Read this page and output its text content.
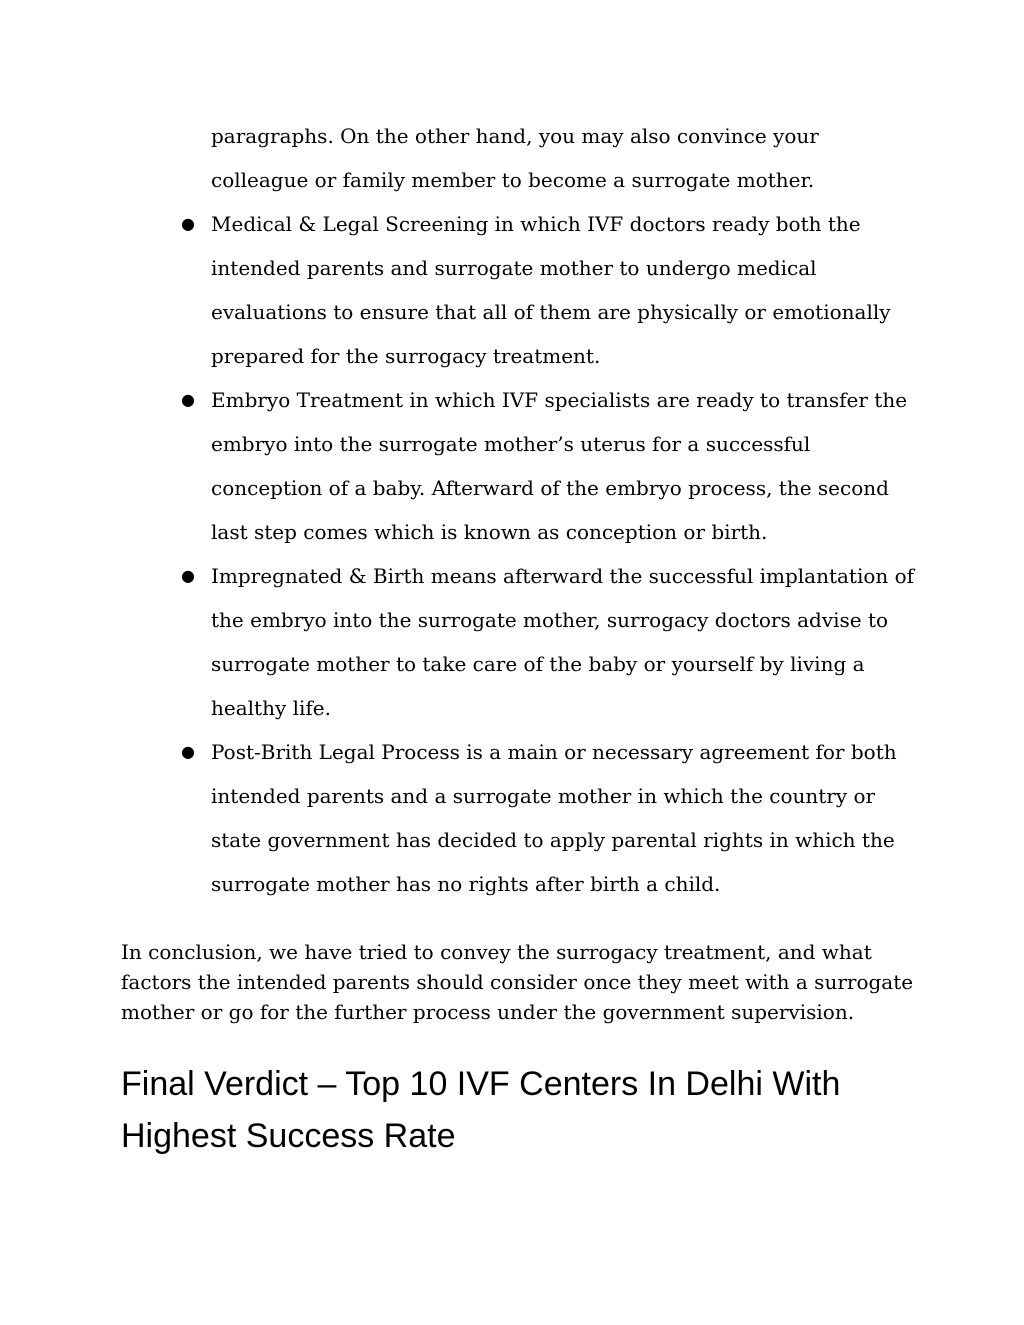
paragraphs. On the other hand, you may also convince your colleague or family member to become a surrogate mother.

● Medical & Legal Screening in which IVF doctors ready both the intended parents and surrogate mother to undergo medical evaluations to ensure that all of them are physically or emotionally prepared for the surrogacy treatment.
● Embryo Treatment in which IVF specialists are ready to transfer the embryo into the surrogate mother’s uterus for a successful conception of a baby. Afterward of the embryo process, the second last step comes which is known as conception or birth.
● Impregnated & Birth means afterward the successful implantation of the embryo into the surrogate mother, surrogacy doctors advise to surrogate mother to take care of the baby or yourself by living a healthy life.
● Post-Brith Legal Process is a main or necessary agreement for both intended parents and a surrogate mother in which the country or state government has decided to apply parental rights in which the surrogate mother has no rights after birth a child.

In conclusion, we have tried to convey the surrogacy treatment, and what factors the intended parents should consider once they meet with a surrogate mother or go for the further process under the government supervision.

Final Verdict – Top 10 IVF Centers In Delhi With Highest Success Rate
